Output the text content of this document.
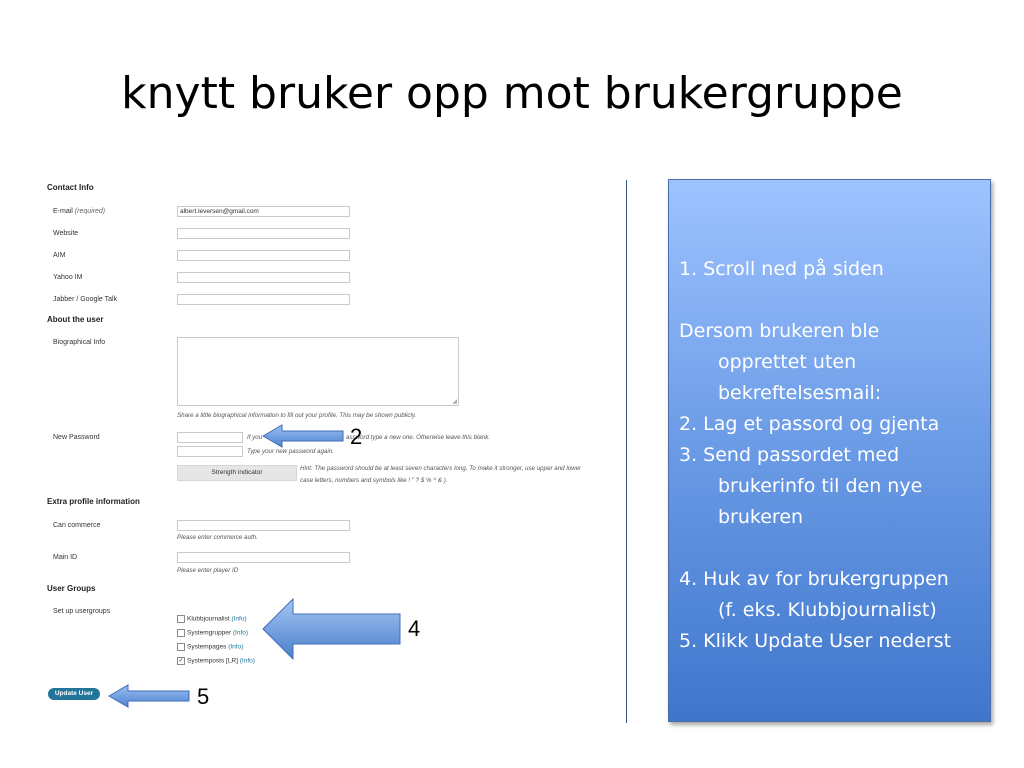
knytt bruker opp mot brukergruppe
Contact Info
E-mail (required)	albert.leversen@gmail.com
Website
AIM
Yahoo IM
Jabber / Google Talk
About the user
Biographical Info
◢
Share a little biographical information to fill out your profile. This may be shown publicly.
New Password	If you	assword type a new one. Otherwise leave this blank.
Type your new password again.
Strength indicator
Hint: The password should be at least seven characters long. To make it stronger, use upper and lower
case letters, numbers and symbols like ! " ? $ % ^ & ).
Extra profile information
Can commerce
Please enter commerce auth.
Main ID
Please enter player ID
User Groups
Set up usergroups
Klubbjournalist (Info)
Systemgrupper (Info)
Systempages (Info)
✓ Systemposts [LR] (Info)
Update User
2
4
5

1. Scroll ned på siden

Dersom brukeren ble

opprettet uten

bekreftelsesmail:

2. Lag et passord og gjenta

3. Send passordet med

brukerinfo til den nye

brukeren

4. Huk av for brukergruppen

(f. eks. Klubbjournalist)

5. Klikk Update User nederst
